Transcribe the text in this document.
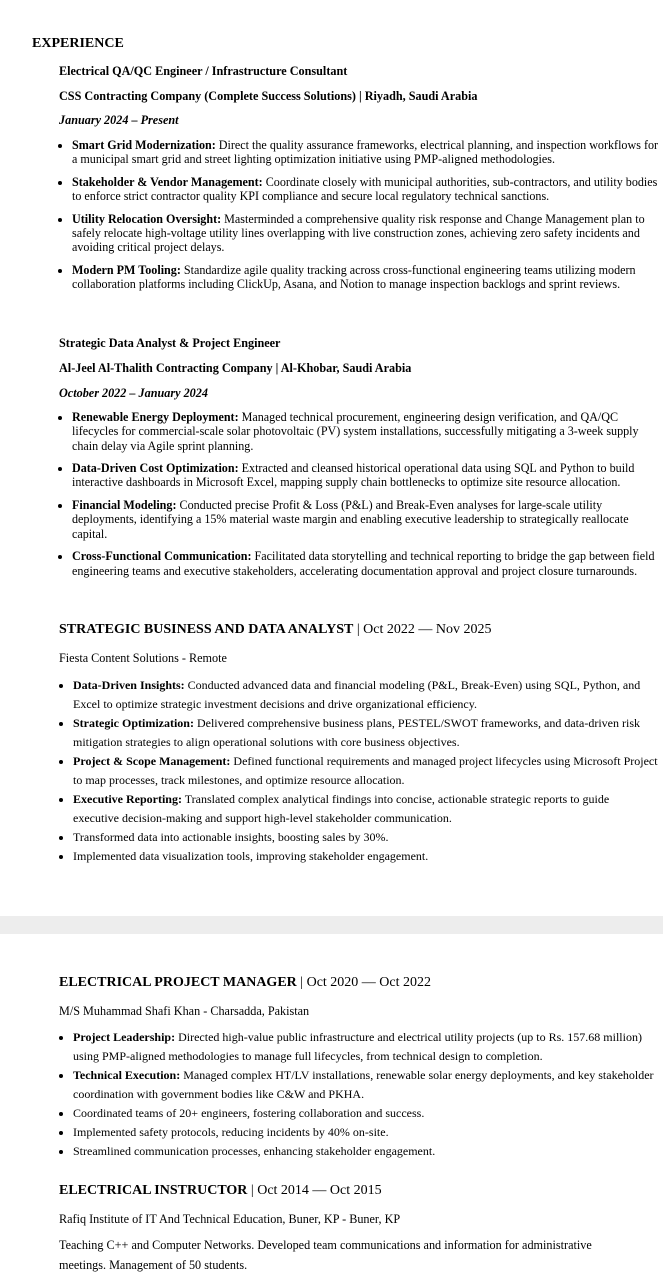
EXPERIENCE
Electrical QA/QC Engineer / Infrastructure Consultant
CSS Contracting Company (Complete Success Solutions) | Riyadh, Saudi Arabia
January 2024 – Present
• Smart Grid Modernization: Direct the quality assurance frameworks, electrical planning, and inspection workflows for a municipal smart grid and street lighting optimization initiative using PMP-aligned methodologies.
• Stakeholder & Vendor Management: Coordinate closely with municipal authorities, sub-contractors, and utility bodies to enforce strict contractor quality KPI compliance and secure local regulatory technical sanctions.
• Utility Relocation Oversight: Masterminded a comprehensive quality risk response and Change Management plan to safely relocate high-voltage utility lines overlapping with live construction zones, achieving zero safety incidents and avoiding critical project delays.
• Modern PM Tooling: Standardize agile quality tracking across cross-functional engineering teams utilizing modern collaboration platforms including ClickUp, Asana, and Notion to manage inspection backlogs and sprint reviews.
Strategic Data Analyst & Project Engineer
Al-Jeel Al-Thalith Contracting Company | Al-Khobar, Saudi Arabia
October 2022 – January 2024
• Renewable Energy Deployment: Managed technical procurement, engineering design verification, and QA/QC lifecycles for commercial-scale solar photovoltaic (PV) system installations, successfully mitigating a 3-week supply chain delay via Agile sprint planning.
• Data-Driven Cost Optimization: Extracted and cleansed historical operational data using SQL and Python to build interactive dashboards in Microsoft Excel, mapping supply chain bottlenecks to optimize site resource allocation.
• Financial Modeling: Conducted precise Profit & Loss (P&L) and Break-Even analyses for large-scale utility deployments, identifying a 15% material waste margin and enabling executive leadership to strategically reallocate capital.
• Cross-Functional Communication: Facilitated data storytelling and technical reporting to bridge the gap between field engineering teams and executive stakeholders, accelerating documentation approval and project closure turnarounds.
STRATEGIC BUSINESS AND DATA ANALYST | Oct 2022 — Nov 2025
Fiesta Content Solutions - Remote
• Data-Driven Insights: Conducted advanced data and financial modeling (P&L, Break-Even) using SQL, Python, and Excel to optimize strategic investment decisions and drive organizational efficiency.
• Strategic Optimization: Delivered comprehensive business plans, PESTEL/SWOT frameworks, and data-driven risk mitigation strategies to align operational solutions with core business objectives.
• Project & Scope Management: Defined functional requirements and managed project lifecycles using Microsoft Project to map processes, track milestones, and optimize resource allocation.
• Executive Reporting: Translated complex analytical findings into concise, actionable strategic reports to guide executive decision-making and support high-level stakeholder communication.
• Transformed data into actionable insights, boosting sales by 30%.
• Implemented data visualization tools, improving stakeholder engagement.
ELECTRICAL PROJECT MANAGER | Oct 2020 — Oct 2022
M/S Muhammad Shafi Khan - Charsadda, Pakistan
• Project Leadership: Directed high-value public infrastructure and electrical utility projects (up to Rs. 157.68 million) using PMP-aligned methodologies to manage full lifecycles, from technical design to completion.
• Technical Execution: Managed complex HT/LV installations, renewable solar energy deployments, and key stakeholder coordination with government bodies like C&W and PKHA.
• Coordinated teams of 20+ engineers, fostering collaboration and success.
• Implemented safety protocols, reducing incidents by 40% on-site.
• Streamlined communication processes, enhancing stakeholder engagement.
ELECTRICAL INSTRUCTOR | Oct 2014 — Oct 2015
Rafiq Institute of IT And Technical Education, Buner, KP - Buner, KP
Teaching C++ and Computer Networks. Developed team communications and information for administrative meetings. Management of 50 students.
